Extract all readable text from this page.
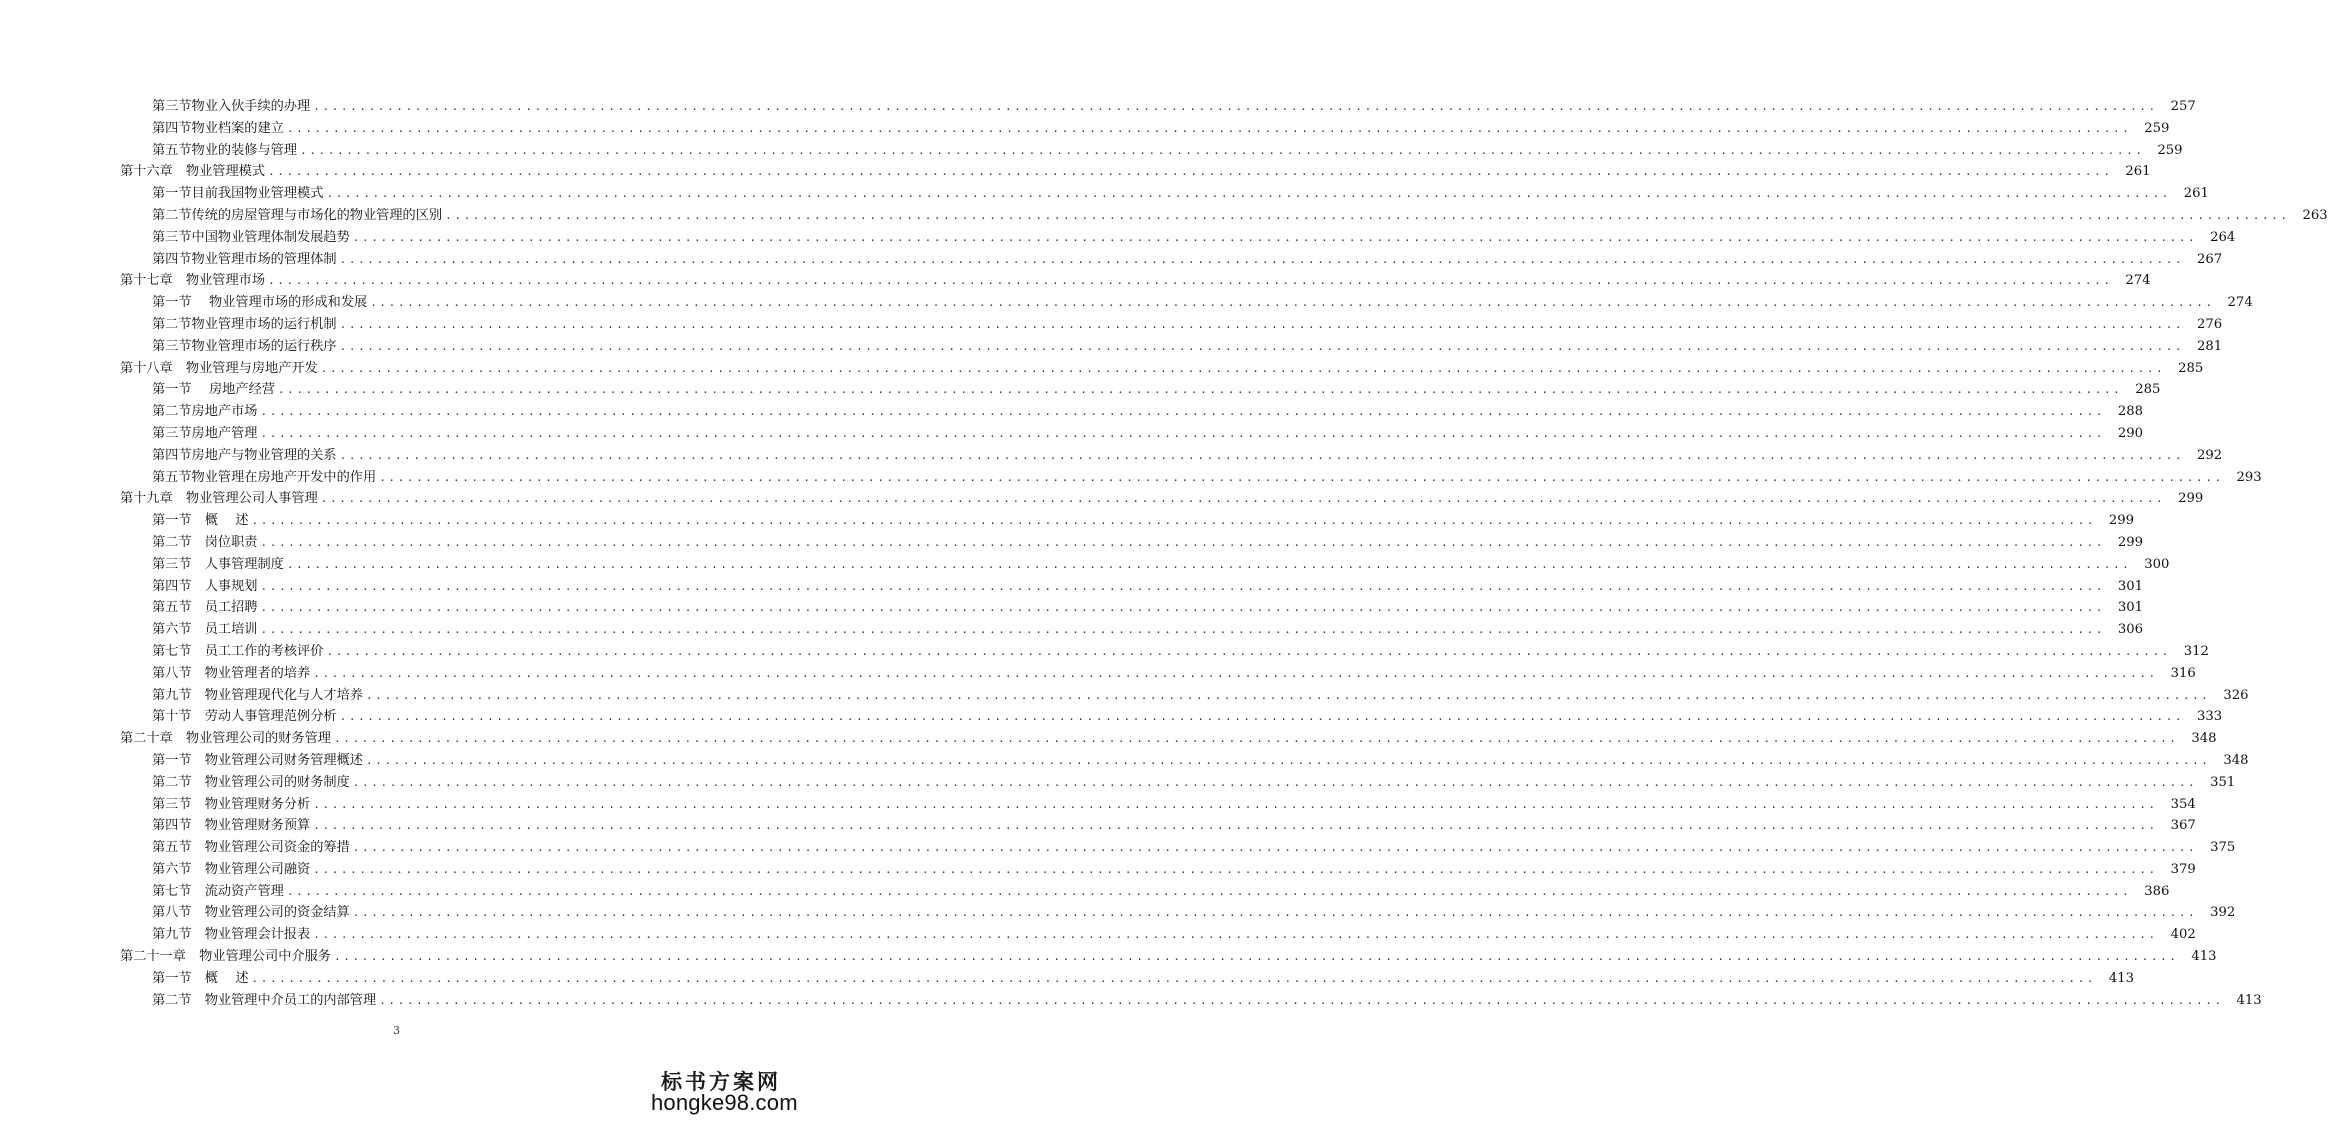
第三节物业入伙手续的办理 ........................................................................................................................................................................................................ 257
第四节物业档案的建立 ........................................................................................................................................................................................................ 259
第五节物业的装修与管理 ........................................................................................................................................................................................................ 259
第十六章　物业管理模式 ........................................................................................................................................................................................................ 261
第一节目前我国物业管理模式 ........................................................................................................................................................................................................ 261
第二节传统的房屋管理与市场化的物业管理的区别 ........................................................................................................................................................................................................ 263
第三节中国物业管理体制发展趋势 ........................................................................................................................................................................................................ 264
第四节物业管理市场的管理体制 ........................................................................................................................................................................................................ 267
第十七章　物业管理市场 ........................................................................................................................................................................................................ 274
第一节　 物业管理市场的形成和发展 ........................................................................................................................................................................................................ 274
第二节物业管理市场的运行机制 ........................................................................................................................................................................................................ 276
第三节物业管理市场的运行秩序 ........................................................................................................................................................................................................ 281
第十八章　物业管理与房地产开发 ........................................................................................................................................................................................................ 285
第一节　 房地产经营 ........................................................................................................................................................................................................ 285
第二节房地产市场 ........................................................................................................................................................................................................ 288
第三节房地产管理 ........................................................................................................................................................................................................ 290
第四节房地产与物业管理的关系 ........................................................................................................................................................................................................ 292
第五节物业管理在房地产开发中的作用 ........................................................................................................................................................................................................ 293
第十九章　物业管理公司人事管理 ........................................................................................................................................................................................................ 299
第一节　概　 述 ........................................................................................................................................................................................................ 299
第二节　岗位职责 ........................................................................................................................................................................................................ 299
第三节　人事管理制度 ........................................................................................................................................................................................................ 300
第四节　人事规划 ........................................................................................................................................................................................................ 301
第五节　员工招聘 ........................................................................................................................................................................................................ 301
第六节　员工培训 ........................................................................................................................................................................................................ 306
第七节　员工工作的考核评价 ........................................................................................................................................................................................................ 312
第八节　物业管理者的培养 ........................................................................................................................................................................................................ 316
第九节　物业管理现代化与人才培养 ........................................................................................................................................................................................................ 326
第十节　劳动人事管理范例分析 ........................................................................................................................................................................................................ 333
第二十章　物业管理公司的财务管理 ........................................................................................................................................................................................................ 348
第一节　物业管理公司财务管理概述 ........................................................................................................................................................................................................ 348
第二节　物业管理公司的财务制度 ........................................................................................................................................................................................................ 351
第三节　物业管理财务分析 ........................................................................................................................................................................................................ 354
第四节　物业管理财务预算 ........................................................................................................................................................................................................ 367
第五节　物业管理公司资金的筹措 ........................................................................................................................................................................................................ 375
第六节　物业管理公司融资 ........................................................................................................................................................................................................ 379
第七节　流动资产管理 ........................................................................................................................................................................................................ 386
第八节　物业管理公司的资金结算 ........................................................................................................................................................................................................ 392
第九节　物业管理会计报表 ........................................................................................................................................................................................................ 402
第二十一章　物业管理公司中介服务 ........................................................................................................................................................................................................ 413
第一节　概　 述 ........................................................................................................................................................................................................ 413
第二节　物业管理中介员工的内部管理 ........................................................................................................................................................................................................ 413
3
标书方案网
hongke98.com
